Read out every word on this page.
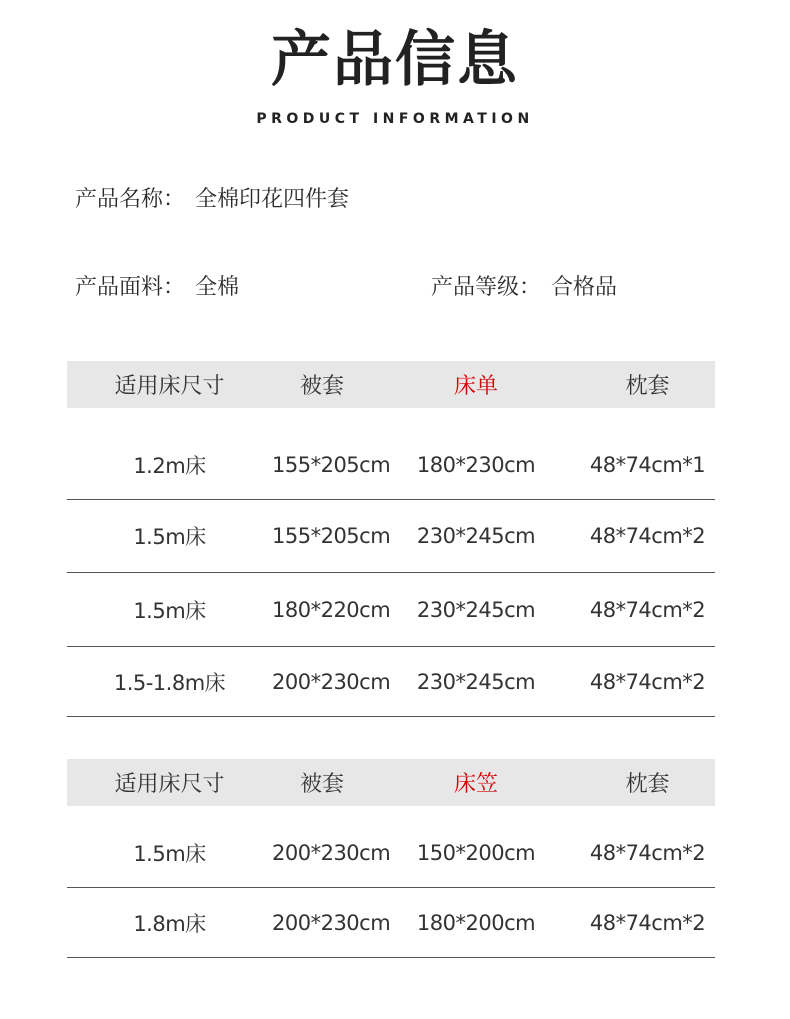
产品信息
PRODUCT INFORMATION
产品名称： 全棉印花四件套
产品面料： 全棉	产品等级： 合格品
适用床尺寸	被套	床单	枕套
1.2m床	155*205cm	180*230cm	48*74cm*1
1.5m床	155*205cm	230*245cm	48*74cm*2
1.5m床	180*220cm	230*245cm	48*74cm*2
1.5-1.8m床	200*230cm	230*245cm	48*74cm*2
适用床尺寸	被套	床笠	枕套
1.5m床	200*230cm	150*200cm	48*74cm*2
1.8m床	200*230cm	180*200cm	48*74cm*2
